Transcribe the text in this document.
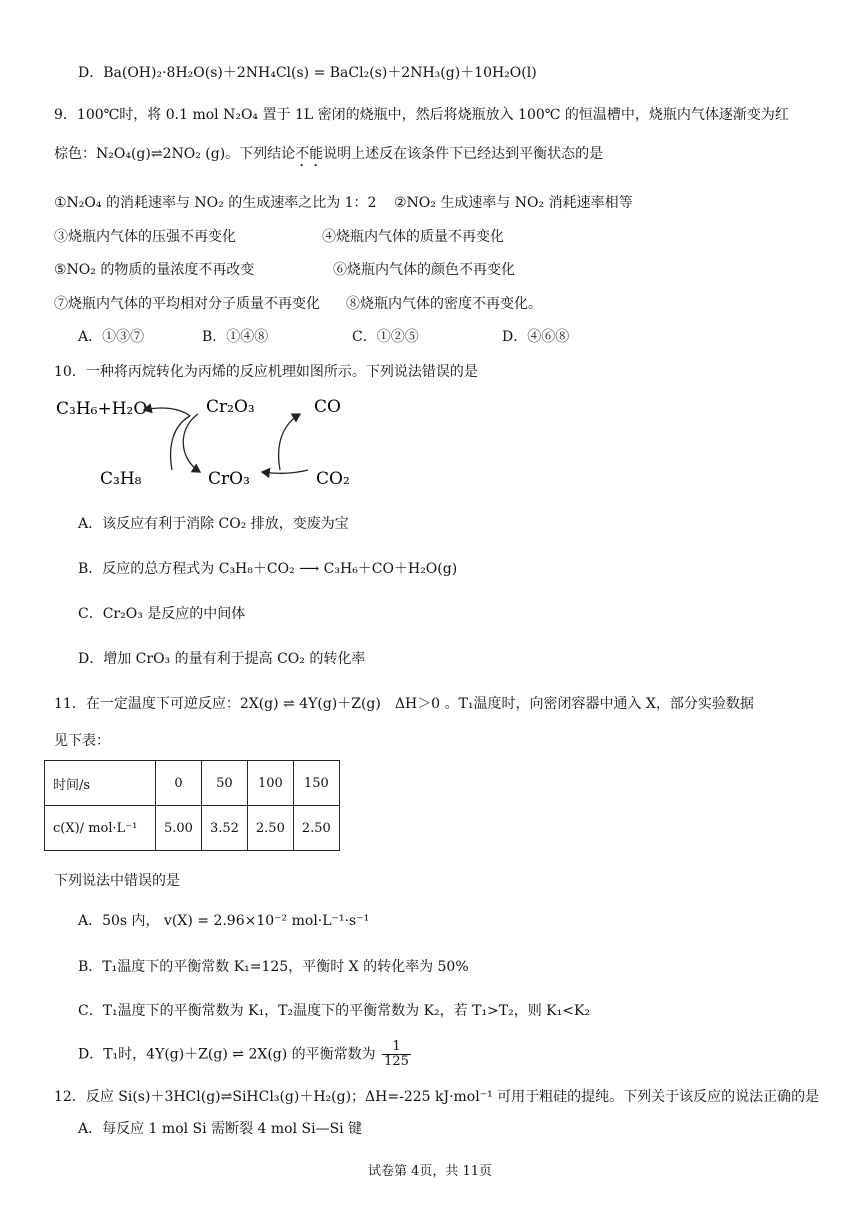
D．Ba(OH)₂·8H₂O(s)＋2NH₄Cl(s) = BaCl₂(s)＋2NH₃(g)＋10H₂O(l)
9．100℃时，将 0.1 mol N₂O₄ 置于 1L 密闭的烧瓶中，然后将烧瓶放入 100℃ 的恒温槽中，烧瓶内气体逐渐变为红
棕色：N₂O₄(g)⇌2NO₂ (g)。下列结论不能说明上述反在该条件下已经达到平衡状态的是
①N₂O₄ 的消耗速率与 NO₂ 的生成速率之比为 1：2 ②NO₂ 生成速率与 NO₂ 消耗速率相等
③烧瓶内气体的压强不再变化	④烧瓶内气体的质量不再变化
⑤NO₂ 的物质的量浓度不再改变	⑥烧瓶内气体的颜色不再变化
⑦烧瓶内气体的平均相对分子质量不再变化 ⑧烧瓶内气体的密度不再变化。
A．①③⑦	B．①④⑧	C．①②⑤	D．④⑥⑧
10．一种将丙烷转化为丙烯的反应机理如图所示。下列说法错误的是
C₃H₆+H₂O	Cr₂O₃	CO
C₃H₈	CrO₃	CO₂
A．该反应有利于消除 CO₂ 排放，变废为宝
B．反应的总方程式为 C₃H₈＋CO₂ ⟶ C₃H₆＋CO＋H₂O(g)
C．Cr₂O₃ 是反应的中间体
D．增加 CrO₃ 的量有利于提高 CO₂ 的转化率
11．在一定温度下可逆反应：2X(g) ⇌ 4Y(g)＋Z(g)　ΔH＞0 。T₁温度时，向密闭容器中通入 X，部分实验数据
见下表：
时间/s	0	50	100	150
c(X)/ mol·L⁻¹	5.00	3.52	2.50	2.50
下列说法中错误的是
A．50s 内， v(X) = 2.96×10⁻² mol·L⁻¹·s⁻¹
B．T₁温度下的平衡常数 K₁=125，平衡时 X 的转化率为 50%
C．T₁温度下的平衡常数为 K₁，T₂温度下的平衡常数为 K₂，若 T₁>T₂，则 K₁<K₂
D．T₁时，4Y(g)＋Z(g) ⇌ 2X(g) 的平衡常数为 $\frac{1}{125}$
12．反应 Si(s)＋3HCl(g)⇌SiHCl₃(g)＋H₂(g)；ΔH=-225 kJ·mol⁻¹ 可用于粗硅的提纯。下列关于该反应的说法正确的是
A．每反应 1 mol Si 需断裂 4 mol Si—Si 键
试卷第 4页，共 11页
